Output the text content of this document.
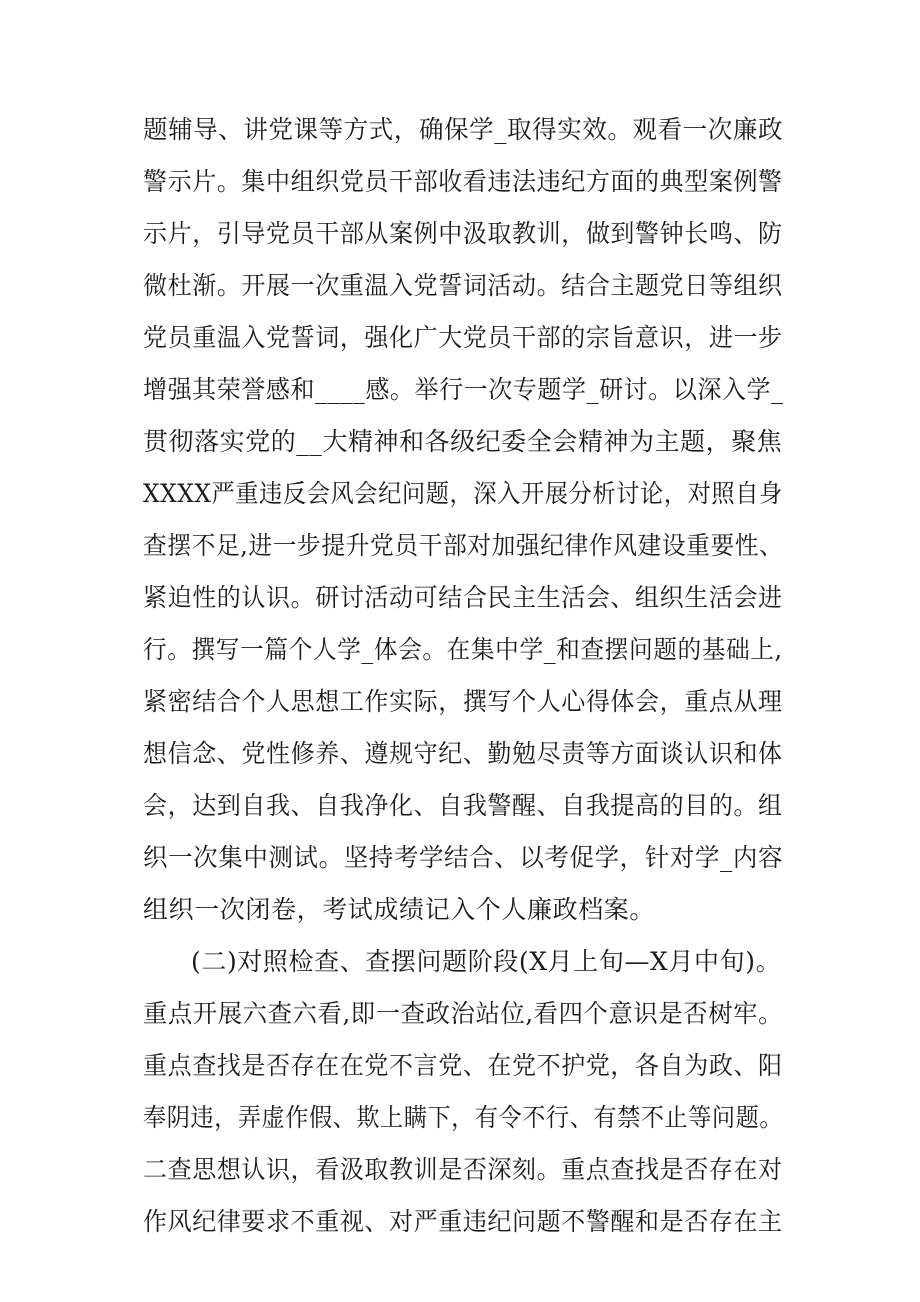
题辅导、讲党课等方式，确保学_取得实效。观看一次廉政
警示片。集中组织党员干部收看违法违纪方面的典型案例警
示片，引导党员干部从案例中汲取教训，做到警钟长鸣、防
微杜渐。开展一次重温入党誓词活动。结合主题党日等组织
党员重温入党誓词，强化广大党员干部的宗旨意识，进一步
增强其荣誉感和____感。举行一次专题学_研讨。以深入学_
贯彻落实党的__大精神和各级纪委全会精神为主题，聚焦
XXXX严重违反会风会纪问题，深入开展分析讨论，对照自身
查摆不足,进一步提升党员干部对加强纪律作风建设重要性、
紧迫性的认识。研讨活动可结合民主生活会、组织生活会进
行。撰写一篇个人学_体会。在集中学_和查摆问题的基础上,
紧密结合个人思想工作实际，撰写个人心得体会，重点从理
想信念、党性修养、遵规守纪、勤勉尽责等方面谈认识和体
会，达到自我、自我净化、自我警醒、自我提高的目的。组
织一次集中测试。坚持考学结合、以考促学，针对学_内容
组织一次闭卷，考试成绩记入个人廉政档案。
(二)对照检查、查摆问题阶段(X月上旬—X月中旬)。
重点开展六查六看,即一查政治站位,看四个意识是否树牢。
重点查找是否存在在党不言党、在党不护党，各自为政、阳
奉阴违，弄虚作假、欺上瞒下，有令不行、有禁不止等问题。
二查思想认识，看汲取教训是否深刻。重点查找是否存在对
作风纪律要求不重视、对严重违纪问题不警醒和是否存在主
